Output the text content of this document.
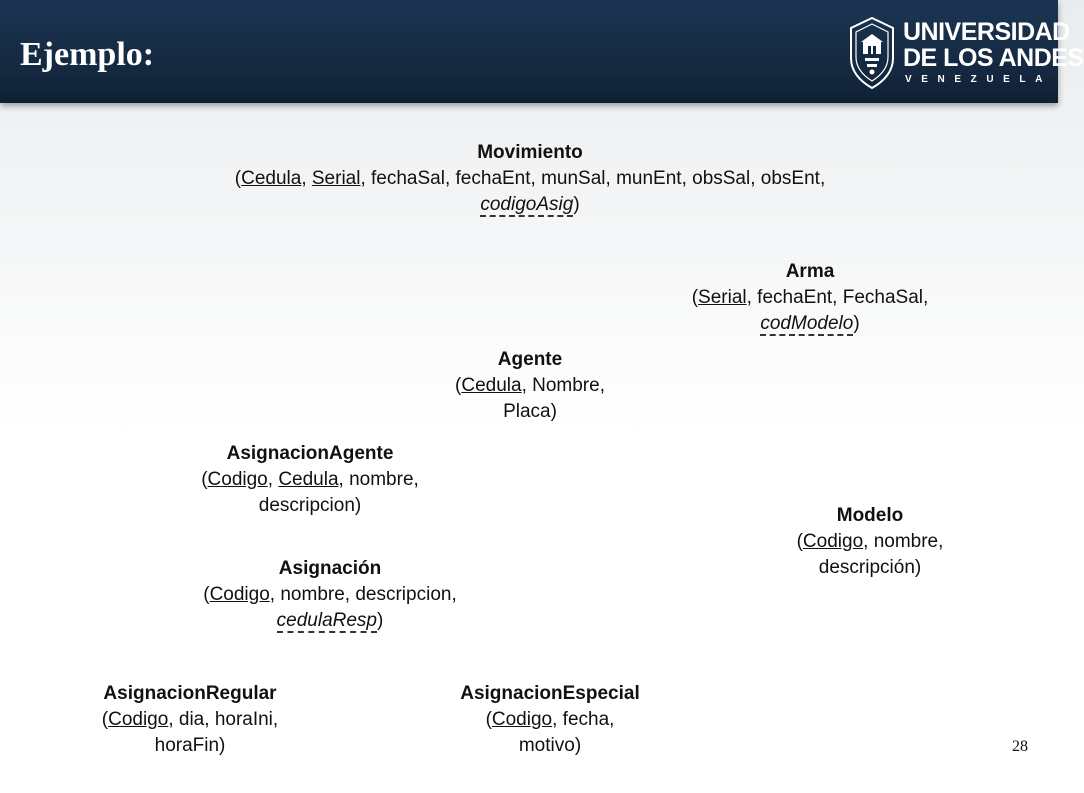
Ejemplo:
UNIVERSIDAD
DE LOS ANDES
VENEZUELA
Movimiento
(Cedula, Serial, fechaSal, fechaEnt, munSal, munEnt, obsSal, obsEnt,
codigoAsig)
Arma
(Serial, fechaEnt, FechaSal,
codModelo)
Agente
(Cedula, Nombre,
Placa)
AsignacionAgente
(Codigo, Cedula, nombre,
descripcion)	Modelo
(Codigo, nombre,
descripción)
Asignación
(Codigo, nombre, descripcion,
cedulaResp)
AsignacionRegular
(Codigo, dia, horaIni,
horaFin)
AsignacionEspecial
(Codigo, fecha,
motivo)	28
